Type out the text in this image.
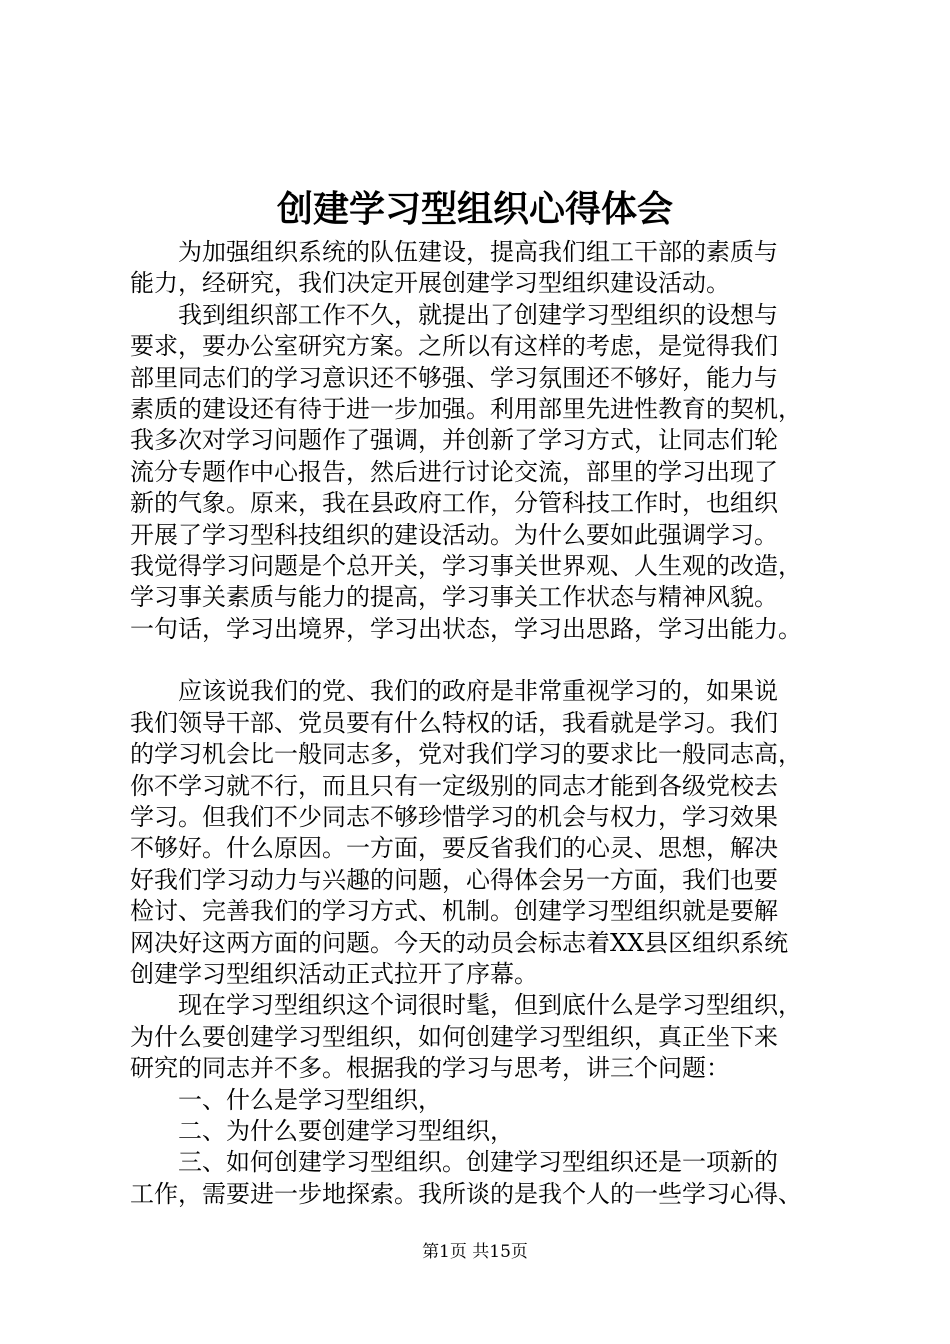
创建学习型组织心得体会
为加强组织系统的队伍建设，提高我们组工干部的素质与
能力，经研究，我们决定开展创建学习型组织建设活动。
我到组织部工作不久，就提出了创建学习型组织的设想与
要求，要办公室研究方案。之所以有这样的考虑，是觉得我们
部里同志们的学习意识还不够强、学习氛围还不够好，能力与
素质的建设还有待于进一步加强。利用部里先进性教育的契机，
我多次对学习问题作了强调，并创新了学习方式，让同志们轮
流分专题作中心报告，然后进行讨论交流，部里的学习出现了
新的气象。原来，我在县政府工作，分管科技工作时，也组织
开展了学习型科技组织的建设活动。为什么要如此强调学习。
我觉得学习问题是个总开关，学习事关世界观、人生观的改造，
学习事关素质与能力的提高，学习事关工作状态与精神风貌。
一句话，学习出境界，学习出状态，学习出思路，学习出能力。
应该说我们的党、我们的政府是非常重视学习的，如果说
我们领导干部、党员要有什么特权的话，我看就是学习。我们
的学习机会比一般同志多，党对我们学习的要求比一般同志高，
你不学习就不行，而且只有一定级别的同志才能到各级党校去
学习。但我们不少同志不够珍惜学习的机会与权力，学习效果
不够好。什么原因。一方面，要反省我们的心灵、思想，解决
好我们学习动力与兴趣的问题，心得体会另一方面，我们也要
检讨、完善我们的学习方式、机制。创建学习型组织就是要解
网决好这两方面的问题。今天的动员会标志着XX县区组织系统
创建学习型组织活动正式拉开了序幕。
现在学习型组织这个词很时髦，但到底什么是学习型组织，
为什么要创建学习型组织，如何创建学习型组织，真正坐下来
研究的同志并不多。根据我的学习与思考，讲三个问题：
一、什么是学习型组织，
二、为什么要创建学习型组织，
三、如何创建学习型组织。创建学习型组织还是一项新的
工作，需要进一步地探索。我所谈的是我个人的一些学习心得、
第1页 共15页
